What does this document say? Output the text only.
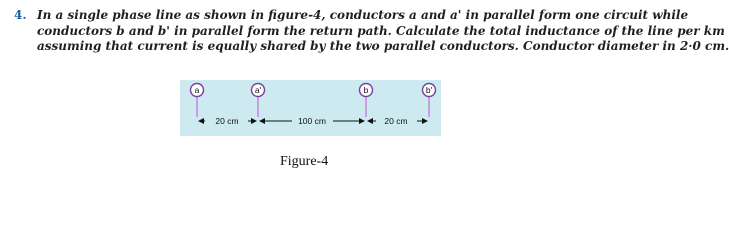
4. In a single phase line as shown in figure-4, conductors a and a' in parallel form one circuit while
conductors b and b' in parallel form the return path. Calculate the total inductance of the line per km
assuming that current is equally shared by the two parallel conductors. Conductor diameter in 2·0 cm.
a	a'	b	b'
20 cm	100 cm	20 cm
Figure-4
